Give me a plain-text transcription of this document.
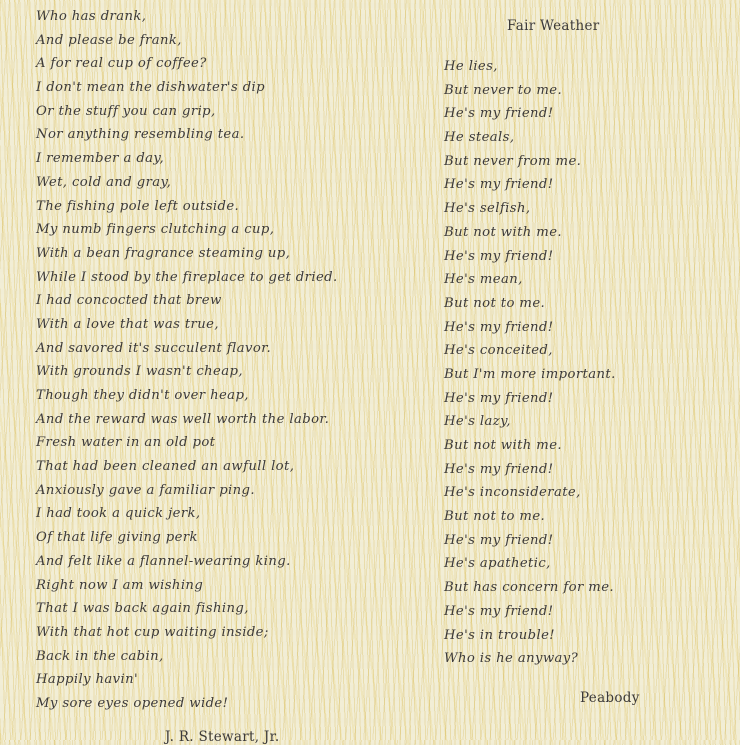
Who has drank,
And please be frank,
A for real cup of coffee?
I don't mean the dishwater's dip
Or the stuff you can grip,
Nor anything resembling tea.
I remember a day,
Wet, cold and gray,
The fishing pole left outside.
My numb fingers clutching a cup,
With a bean fragrance steaming up,
While I stood by the fireplace to get dried.
I had concocted that brew
With a love that was true,
And savored it's succulent flavor.
With grounds I wasn't cheap,
Though they didn't over heap,
And the reward was well worth the labor.
Fresh water in an old pot
That had been cleaned an awfull lot,
Anxiously gave a familiar ping.
I had took a quick jerk,
Of that life giving perk
And felt like a flannel-wearing king.
Right now I am wishing
That I was back again fishing,
With that hot cup waiting inside;
Back in the cabin,
Happily havin'
My sore eyes opened wide!
J. R. Stewart, Jr.
Fair Weather
He lies,
But never to me.
He's my friend!
He steals,
But never from me.
He's my friend!
He's selfish,
But not with me.
He's my friend!
He's mean,
But not to me.
He's my friend!
He's conceited,
But I'm more important.
He's my friend!
He's lazy,
But not with me.
He's my friend!
He's inconsiderate,
But not to me.
He's my friend!
He's apathetic,
But has concern for me.
He's my friend!
He's in trouble!
Who is he anyway?
Peabody
